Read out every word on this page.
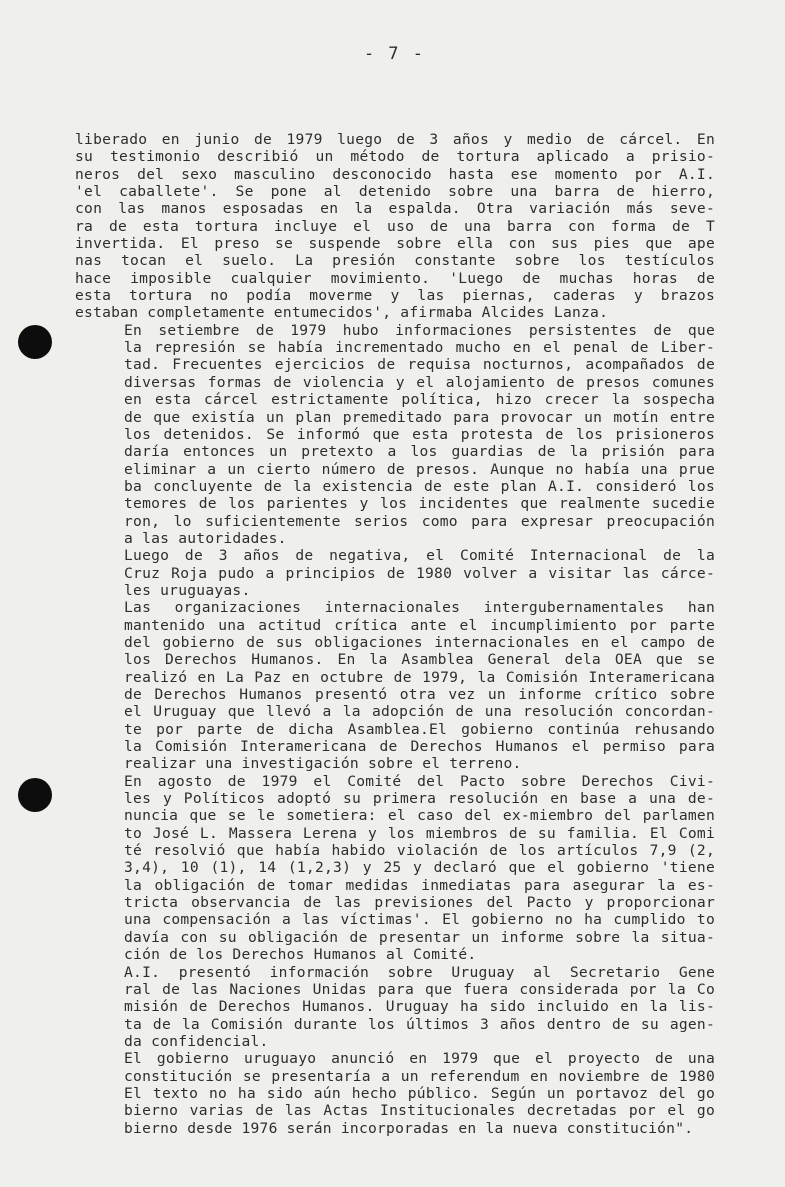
- 7 -
liberado en junio de 1979 luego de 3 años y medio de cárcel. En
su testimonio describió un método de tortura aplicado a prisio-
neros del sexo masculino desconocido hasta ese momento por A.I.
'el caballete'. Se pone al detenido sobre una barra de hierro,
con las manos esposadas en la espalda. Otra variación más seve-
ra de esta tortura incluye el uso de una barra con forma de T
invertida. El preso se suspende sobre ella con sus pies que ape
nas tocan el suelo. La presión constante sobre los testículos
hace imposible cualquier movimiento. 'Luego de muchas horas de
esta tortura no podía moverme y las piernas, caderas y brazos
estaban completamente entumecidos', afirmaba Alcides Lanza.
En setiembre de 1979 hubo informaciones persistentes de que
la represión se había incrementado mucho en el penal de Liber-
tad. Frecuentes ejercicios de requisa nocturnos, acompañados de
diversas formas de violencia y el alojamiento de presos comunes
en esta cárcel estrictamente política, hizo crecer la sospecha
de que existía un plan premeditado para provocar un motín entre
los detenidos. Se informó que esta protesta de los prisioneros
daría entonces un pretexto a los guardias de la prisión para
eliminar a un cierto número de presos. Aunque no había una prue
ba concluyente de la existencia de este plan A.I. consideró los
temores de los parientes y los incidentes que realmente sucedie
ron, lo suficientemente serios como para expresar preocupación
a las autoridades.
Luego de 3 años de negativa, el Comité Internacional de la
Cruz Roja pudo a principios de 1980 volver a visitar las cárce-
les uruguayas.
Las organizaciones internacionales intergubernamentales han
mantenido una actitud crítica ante el incumplimiento por parte
del gobierno de sus obligaciones internacionales en el campo de
los Derechos Humanos. En la Asamblea General dela OEA que se
realizó en La Paz en octubre de 1979, la Comisión Interamericana
de Derechos Humanos presentó otra vez un informe crítico sobre
el Uruguay que llevó a la adopción de una resolución concordan-
te por parte de dicha Asamblea.El gobierno continúa rehusando
la Comisión Interamericana de Derechos Humanos el permiso para
realizar una investigación sobre el terreno.
En agosto de 1979 el Comité del Pacto sobre Derechos Civi-
les y Políticos adoptó su primera resolución en base a una de-
nuncia que se le sometiera: el caso del ex-miembro del parlamen
to José L. Massera Lerena y los miembros de su familia. El Comi
té resolvió que había habido violación de los artículos 7,9 (2,
3,4), 10 (1), 14 (1,2,3) y 25 y declaró que el gobierno 'tiene
la obligación de tomar medidas inmediatas para asegurar la es-
tricta observancia de las previsiones del Pacto y proporcionar
una compensación a las víctimas'. El gobierno no ha cumplido to
davía con su obligación de presentar un informe sobre la situa-
ción de los Derechos Humanos al Comité.
A.I. presentó información sobre Uruguay al Secretario Gene
ral de las Naciones Unidas para que fuera considerada por la Co
misión de Derechos Humanos. Uruguay ha sido incluido en la lis-
ta de la Comisión durante los últimos 3 años dentro de su agen-
da confidencial.
El gobierno uruguayo anunció en 1979 que el proyecto de una
constitución se presentaría a un referendum en noviembre de 1980
El texto no ha sido aún hecho público. Según un portavoz del go
bierno varias de las Actas Institucionales decretadas por el go
bierno desde 1976 serán incorporadas en la nueva constitución".
